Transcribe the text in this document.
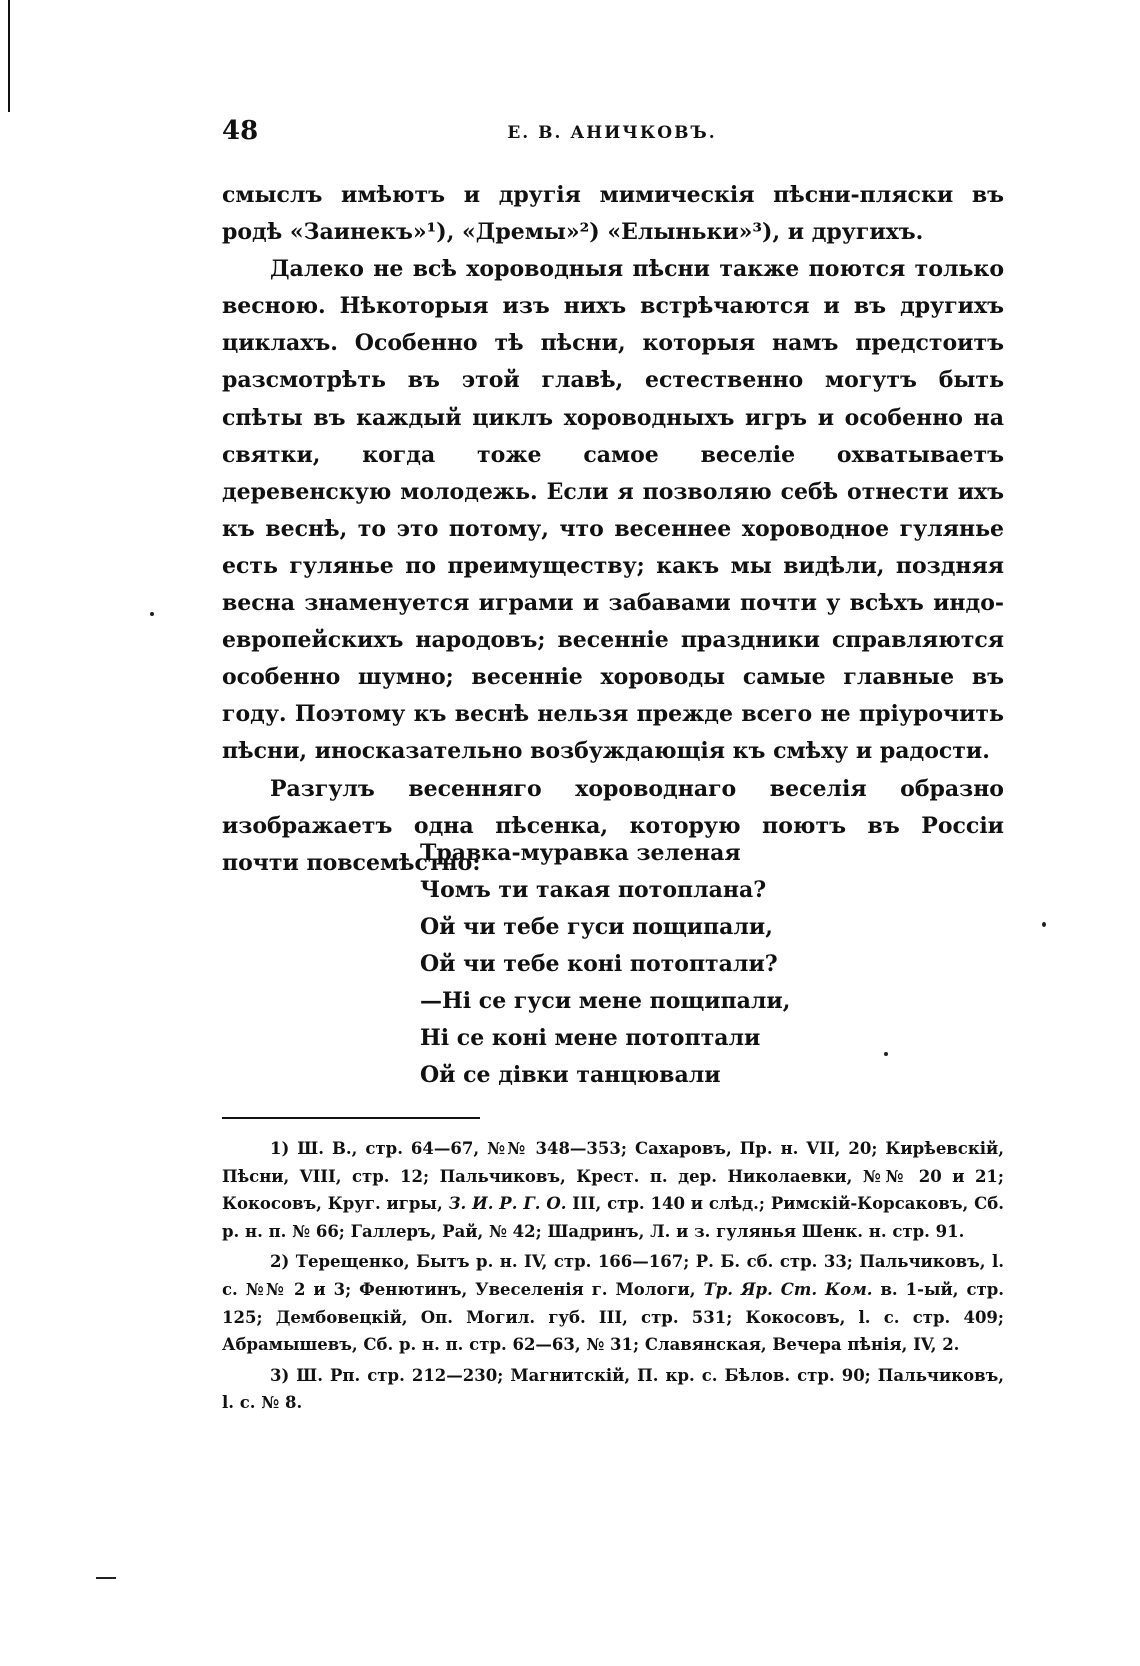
48	Е. В. АНИЧКОВЪ.

смыслъ имѣютъ и другія мимическія пѣсни-пляски въ родѣ «Заинекъ»¹), «Дремы»²) «Елыньки»³), и другихъ.

Далеко не всѣ хороводныя пѣсни также поются только весною. Нѣкоторыя изъ нихъ встрѣчаются и въ другихъ циклахъ. Особенно тѣ пѣсни, которыя намъ предстоитъ разсмотрѣть въ этой главѣ, естественно могутъ быть спѣты въ каждый циклъ хороводныхъ игръ и особенно на святки, когда тоже самое веселіе охватываетъ деревенскую молодежь. Если я позволяю себѣ отнести ихъ къ веснѣ, то это потому, что весеннее хороводное гулянье есть гулянье по преимуществу; какъ мы видѣли, поздняя весна знаменуется играми и забавами почти у всѣхъ индо-европейскихъ народовъ; весенніе праздники справляются особенно шумно; весенніе хороводы самые главные въ году. Поэтому къ веснѣ нельзя прежде всего не пріурочить пѣсни, иносказательно возбуждающія къ смѣху и радости.

Разгулъ весенняго хороводнаго веселія образно изображаетъ одна пѣсенка, которую поютъ въ Россіи почти повсемѣстно:

Травка-муравка зеленая
Чомъ ти такая потоплана?
Ой чи тебе гуси пощипали,
Ой чи тебе коні потоптали?
—Ні се гуси мене пощипали,
Ні се коні мене потоптали
Ой се дівки танцювали

1) Ш. В., стр. 64—67, №№ 348—353; Сахаровъ, Пр. н. VII, 20; Кирѣевскій, Пѣсни, VIII, стр. 12; Пальчиковъ, Крест. п. дер. Николаевки, №№ 20 и 21; Кокосовъ, Круг. игры, З. И. Р. Г. О. III, стр. 140 и слѣд.; Римскій-Корсаковъ, Сб. р. н. п. № 66; Галлеръ, Рай, № 42; Шадринъ, Л. и з. гулянья Шенк. н. стр. 91.

2) Терещенко, Бытъ р. н. IV, стр. 166—167; Р. Б. сб. стр. 33; Пальчиковъ, l. c. №№ 2 и 3; Фенютинъ, Увеселенія г. Мологи, Тр. Яр. Ст. Ком. в. 1-ый, стр. 125; Дембовецкій, Оп. Могил. губ. III, стр. 531; Кокосовъ, l. c. стр. 409; Абрамышевъ, Сб. р. н. п. стр. 62—63, № 31; Славянская, Вечера пѣнія, IV, 2.

3) Ш. Рп. стр. 212—230; Магнитскій, П. кр. с. Бѣлов. стр. 90; Пальчиковъ, l. c. № 8.
